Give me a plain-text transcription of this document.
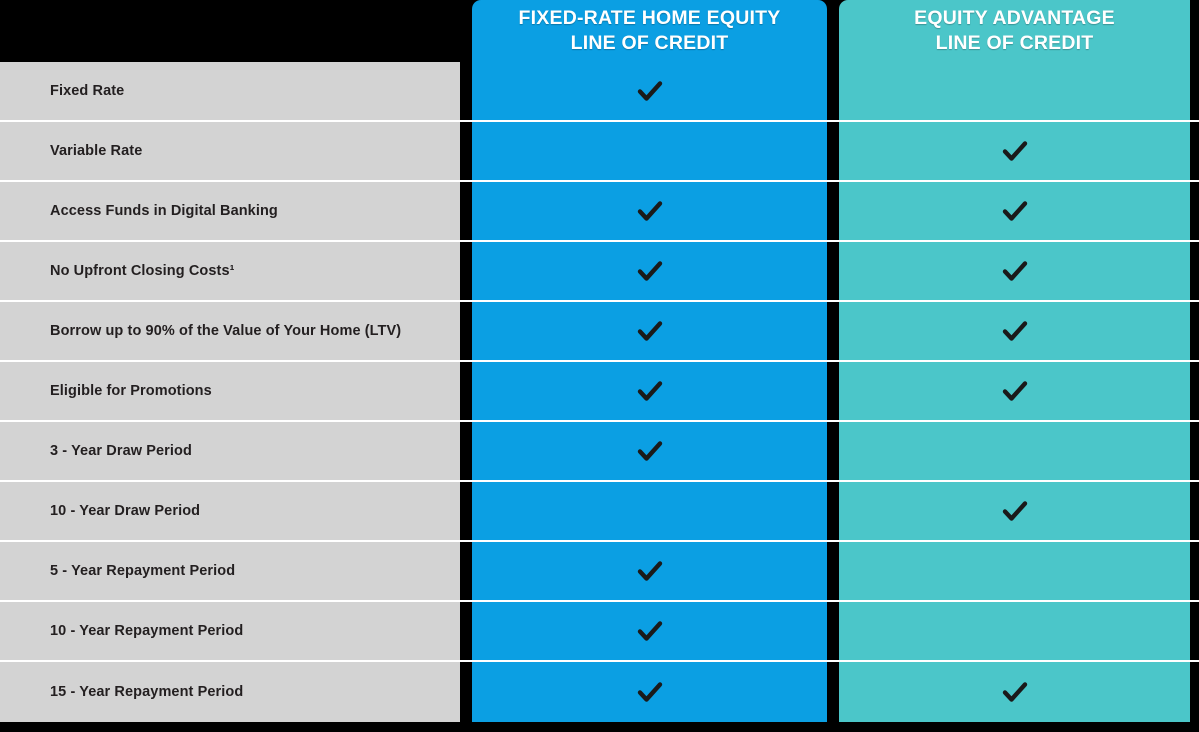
FIXED-RATE HOME EQUITY
LINE OF CREDIT
EQUITY ADVANTAGE
LINE OF CREDIT
Fixed Rate
Variable Rate
Access Funds in Digital Banking
No Upfront Closing Costs¹
Borrow up to 90% of the Value of Your Home (LTV)
Eligible for Promotions
3 - Year Draw Period
10 - Year Draw Period
5 - Year Repayment Period
10 - Year Repayment Period
15 - Year Repayment Period
